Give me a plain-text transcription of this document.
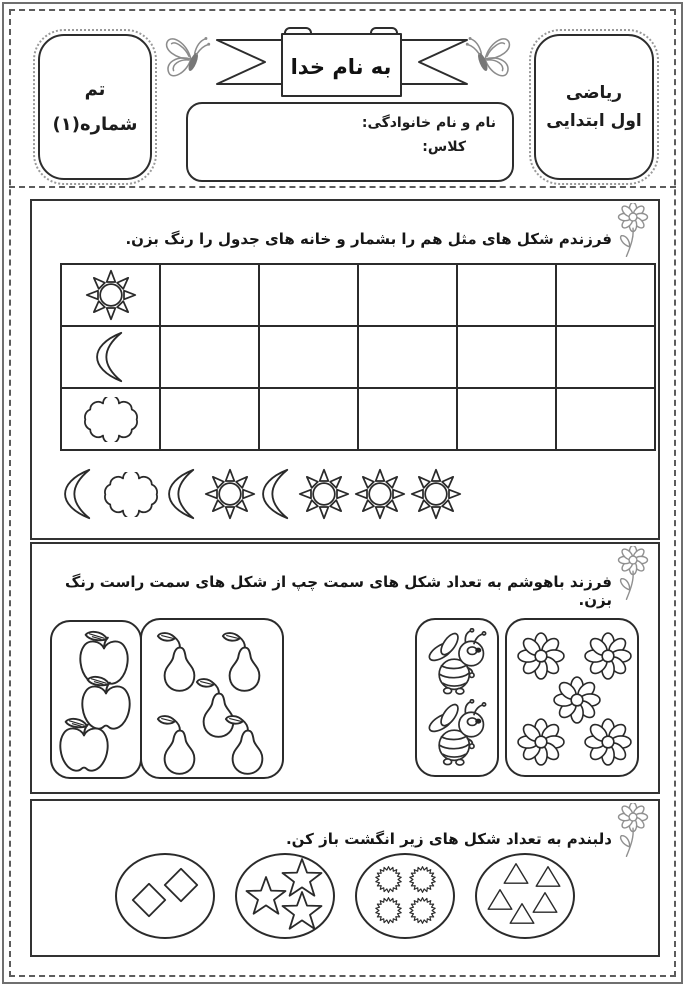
تم
شماره(۱)
به نام خدا
نام و نام خانوادگی:
کلاس:
ریاضی
اول ابتدایی

فرزندم شکل های مثل هم را بشمار و خانه های جدول را رنگ بزن.

فرزند باهوشم به تعداد شکل های سمت چپ از شکل های سمت راست رنگ بزن.

دلبندم به تعداد شکل های زیر انگشت باز کن.
